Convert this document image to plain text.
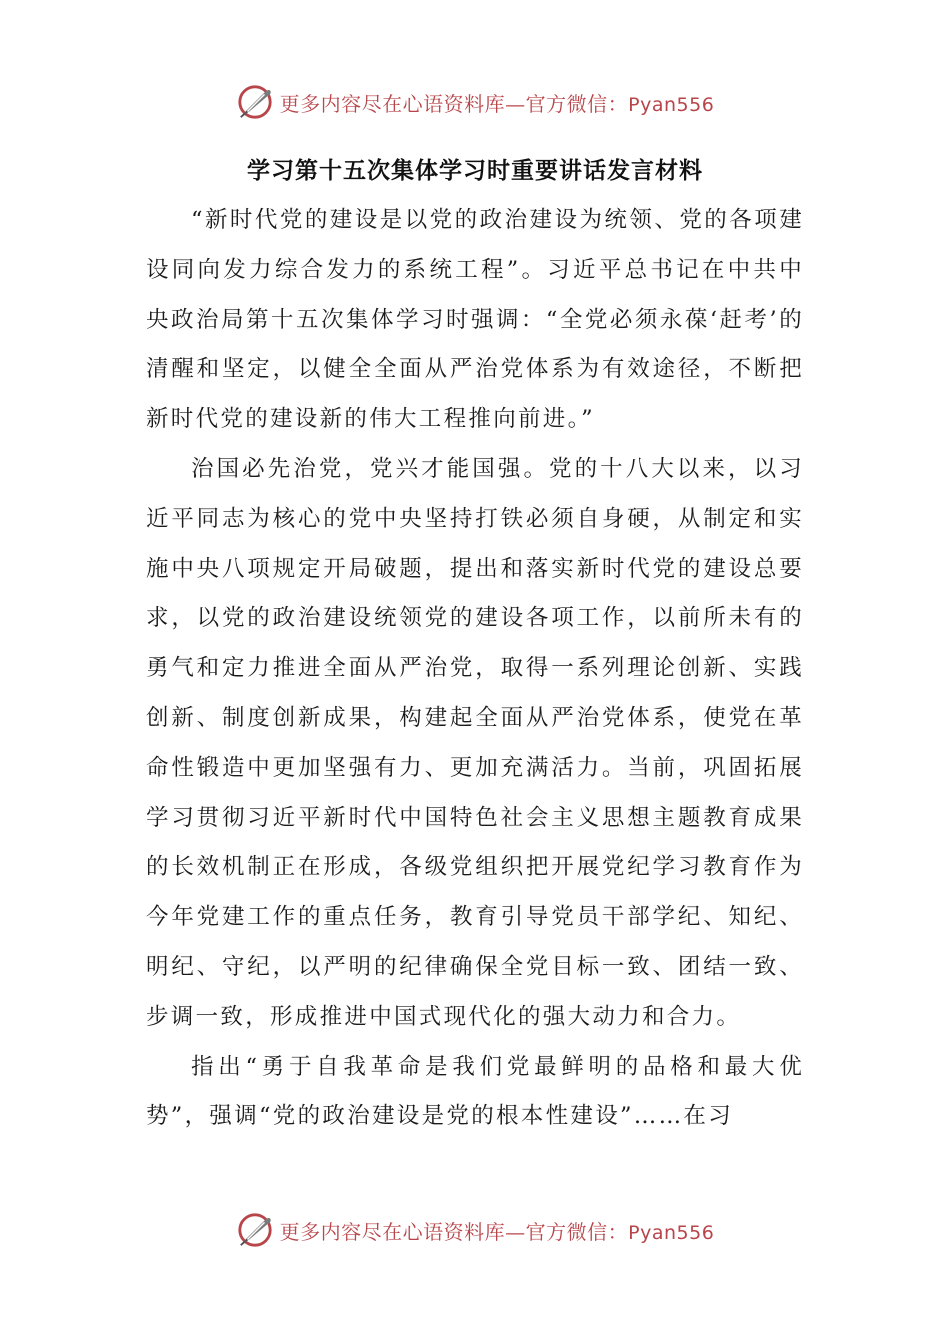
更多内容尽在心语资料库—官方微信：Pyan556
学习第十五次集体学习时重要讲话发言材料

“新时代党的建设是以党的政治建设为统领、党的各项建设同向发力综合发力的系统工程”。习近平总书记在中共中央政治局第十五次集体学习时强调：“全党必须永葆‘赶考’的清醒和坚定，以健全全面从严治党体系为有效途径，不断把新时代党的建设新的伟大工程推向前进。”

治国必先治党，党兴才能国强。党的十八大以来，以习近平同志为核心的党中央坚持打铁必须自身硬，从制定和实施中央八项规定开局破题，提出和落实新时代党的建设总要求，以党的政治建设统领党的建设各项工作，以前所未有的勇气和定力推进全面从严治党，取得一系列理论创新、实践创新、制度创新成果，构建起全面从严治党体系，使党在革命性锻造中更加坚强有力、更加充满活力。当前，巩固拓展学习贯彻习近平新时代中国特色社会主义思想主题教育成果的长效机制正在形成，各级党组织把开展党纪学习教育作为今年党建工作的重点任务，教育引导党员干部学纪、知纪、明纪、守纪，以严明的纪律确保全党目标一致、团结一致、步调一致，形成推进中国式现代化的强大动力和合力。

指出“勇于自我革命是我们党最鲜明的品格和最大优势”，强调“党的政治建设是党的根本性建设”……在习

更多内容尽在心语资料库—官方微信：Pyan556
